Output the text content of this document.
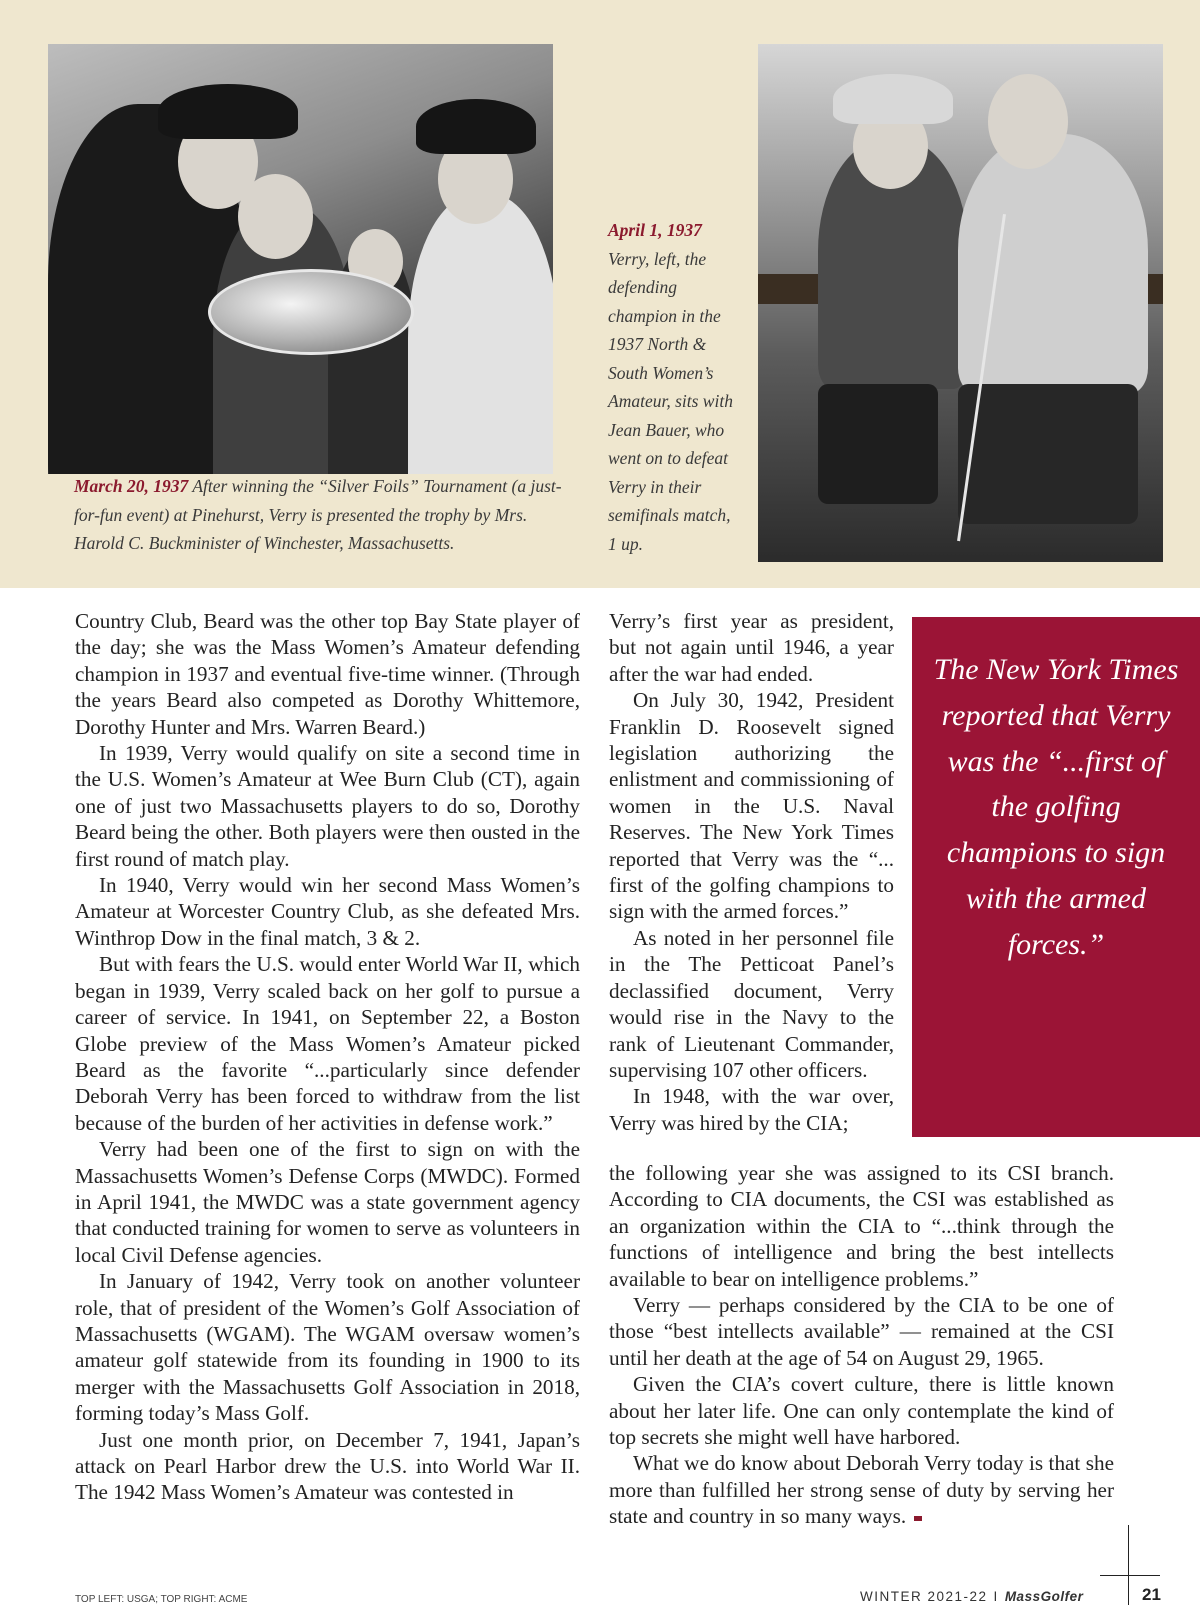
March 20, 1937 After winning the “Silver Foils” Tournament (a just-for-fun event) at Pinehurst, Verry is presented the trophy by Mrs. Harold C. Buckminister of Winchester, Massachusetts.
April 1, 1937
Verry, left, the defending champion in the 1937 North & South Women’s Amateur, sits with Jean Bauer, who went on to defeat Verry in their semifinals match, 1 up.

Country Club, Beard was the other top Bay State player of the day; she was the Mass Women’s Amateur defending champion in 1937 and eventual five-time winner. (Through the years Beard also competed as Dorothy Whittemore, Dorothy Hunter and Mrs. Warren Beard.)

In 1939, Verry would qualify on site a second time in the U.S. Women’s Amateur at Wee Burn Club (CT), again one of just two Massachusetts players to do so, Dorothy Beard being the other. Both players were then ousted in the first round of match play.

In 1940, Verry would win her second Mass Women’s Amateur at Worcester Country Club, as she defeated Mrs. Winthrop Dow in the final match, 3 & 2.

But with fears the U.S. would enter World War II, which began in 1939, Verry scaled back on her golf to pursue a career of service. In 1941, on September 22, a Boston Globe preview of the Mass Women’s Amateur picked Beard as the favorite “...particularly since defender Deborah Verry has been forced to withdraw from the list because of the burden of her activities in defense work.”

Verry had been one of the first to sign on with the Massachusetts Women’s Defense Corps (MWDC). Formed in April 1941, the MWDC was a state government agency that conducted training for women to serve as volunteers in local Civil Defense agencies.

In January of 1942, Verry took on another volunteer role, that of president of the Women’s Golf Association of Massachusetts (WGAM). The WGAM oversaw women’s amateur golf statewide from its founding in 1900 to its merger with the Massachusetts Golf Association in 2018, forming today’s Mass Golf.

Just one month prior, on December 7, 1941, Japan’s attack on Pearl Harbor drew the U.S. into World War II. The 1942 Mass Women’s Amateur was contested in

Verry’s first year as president, but not again until 1946, a year after the war had ended.

On July 30, 1942, President Franklin D. Roosevelt signed legislation authorizing the enlistment and commissioning of women in the U.S. Naval Reserves. The New York Times reported that Verry was the “... first of the golfing champions to sign with the armed forces.”

As noted in her personnel file in the The Petticoat Panel’s declassified document, Verry would rise in the Navy to the rank of Lieutenant Commander, supervising 107 other officers.

In 1948, with the war over, Verry was hired by the CIA;

the following year she was assigned to its CSI branch. According to CIA documents, the CSI was established as an organization within the CIA to “...think through the functions of intelligence and bring the best intellects available to bear on intelligence problems.”

Verry — perhaps considered by the CIA to be one of those “best intellects available” — remained at the CSI until her death at the age of 54 on August 29, 1965.

Given the CIA’s covert culture, there is little known about her later life. One can only contemplate the kind of top secrets she might well have harbored.

What we do know about Deborah Verry today is that she more than fulfilled her strong sense of duty by serving her state and country in so many ways.

The New York Times reported that Verry was the “...first of the golfing champions to sign with the armed forces.”
TOP LEFT: USGA; TOP RIGHT: ACME	WINTER 2021-22 I MassGolfer	21
